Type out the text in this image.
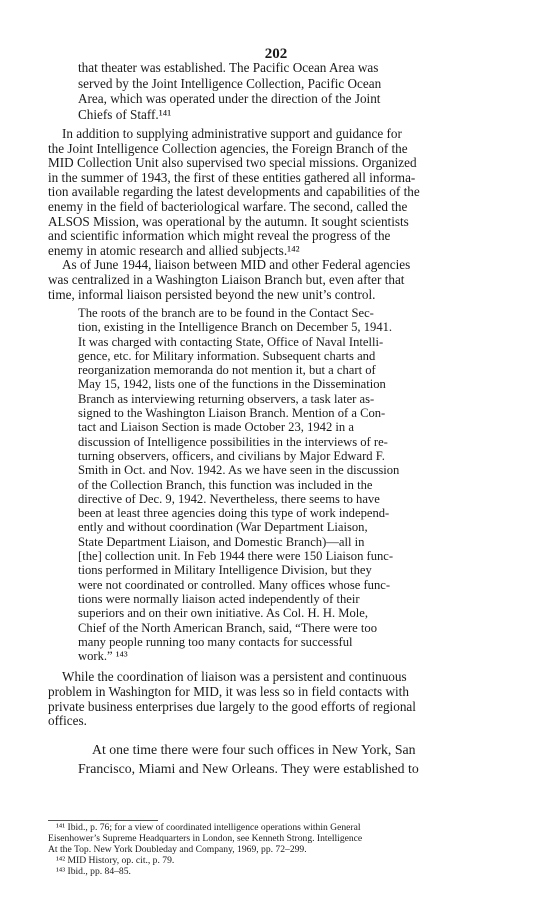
202
that theater was established. The Pacific Ocean Area was
served by the Joint Intelligence Collection, Pacific Ocean
Area, which was operated under the direction of the Joint
Chiefs of Staff.¹⁴¹
In addition to supplying administrative support and guidance for
the Joint Intelligence Collection agencies, the Foreign Branch of the
MID Collection Unit also supervised two special missions. Organized
in the summer of 1943, the first of these entities gathered all informa-
tion available regarding the latest developments and capabilities of the
enemy in the field of bacteriological warfare. The second, called the
ALSOS Mission, was operational by the autumn. It sought scientists
and scientific information which might reveal the progress of the
enemy in atomic research and allied subjects.¹⁴²
As of June 1944, liaison between MID and other Federal agencies
was centralized in a Washington Liaison Branch but, even after that
time, informal liaison persisted beyond the new unit’s control.
The roots of the branch are to be found in the Contact Sec-
tion, existing in the Intelligence Branch on December 5, 1941.
It was charged with contacting State, Office of Naval Intelli-
gence, etc. for Military information. Subsequent charts and
reorganization memoranda do not mention it, but a chart of
May 15, 1942, lists one of the functions in the Dissemination
Branch as interviewing returning observers, a task later as-
signed to the Washington Liaison Branch. Mention of a Con-
tact and Liaison Section is made October 23, 1942 in a
discussion of Intelligence possibilities in the interviews of re-
turning observers, officers, and civilians by Major Edward F.
Smith in Oct. and Nov. 1942. As we have seen in the discussion
of the Collection Branch, this function was included in the
directive of Dec. 9, 1942. Nevertheless, there seems to have
been at least three agencies doing this type of work independ-
ently and without coordination (War Department Liaison,
State Department Liaison, and Domestic Branch)—all in
[the] collection unit. In Feb 1944 there were 150 Liaison func-
tions performed in Military Intelligence Division, but they
were not coordinated or controlled. Many offices whose func-
tions were normally liaison acted independently of their
superiors and on their own initiative. As Col. H. H. Mole,
Chief of the North American Branch, said, “There were too
many people running too many contacts for successful
work.” ¹⁴³
While the coordination of liaison was a persistent and continuous
problem in Washington for MID, it was less so in field contacts with
private business enterprises due largely to the good efforts of regional
offices.
At one time there were four such offices in New York, San
Francisco, Miami and New Orleans. They were established to
¹⁴¹ Ibid., p. 76; for a view of coordinated intelligence operations within General
Eisenhower’s Supreme Headquarters in London, see Kenneth Strong. Intelligence
At the Top. New York Doubleday and Company, 1969, pp. 72–299.
¹⁴² MID History, op. cit., p. 79.
¹⁴³ Ibid., pp. 84–85.
